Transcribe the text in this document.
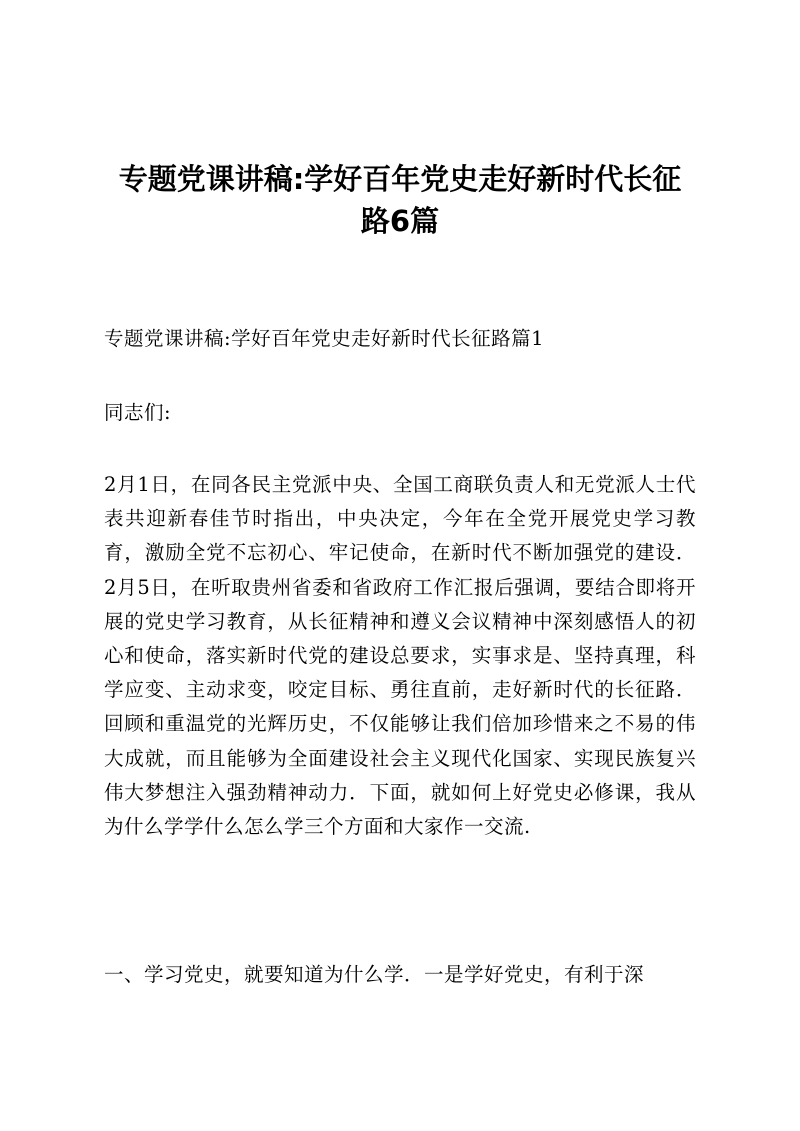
专题党课讲稿:学好百年党史走好新时代长征
路6篇

专题党课讲稿:学好百年党史走好新时代长征路篇1

同志们:

2月1日，在同各民主党派中央、全国工商联负责人和无党派人士代表共迎新春佳节时指出，中央决定，今年在全党开展党史学习教育，激励全党不忘初心、牢记使命，在新时代不断加强党的建设．2月5日，在听取贵州省委和省政府工作汇报后强调，要结合即将开展的党史学习教育，从长征精神和遵义会议精神中深刻感悟人的初心和使命，落实新时代党的建设总要求，实事求是、坚持真理，科学应变、主动求变，咬定目标、勇往直前，走好新时代的长征路．回顾和重温党的光辉历史，不仅能够让我们倍加珍惜来之不易的伟大成就，而且能够为全面建设社会主义现代化国家、实现民族复兴伟大梦想注入强劲精神动力．下面，就如何上好党史必修课，我从为什么学学什么怎么学三个方面和大家作一交流.

一、学习党史，就要知道为什么学．一是学好党史，有利于深
